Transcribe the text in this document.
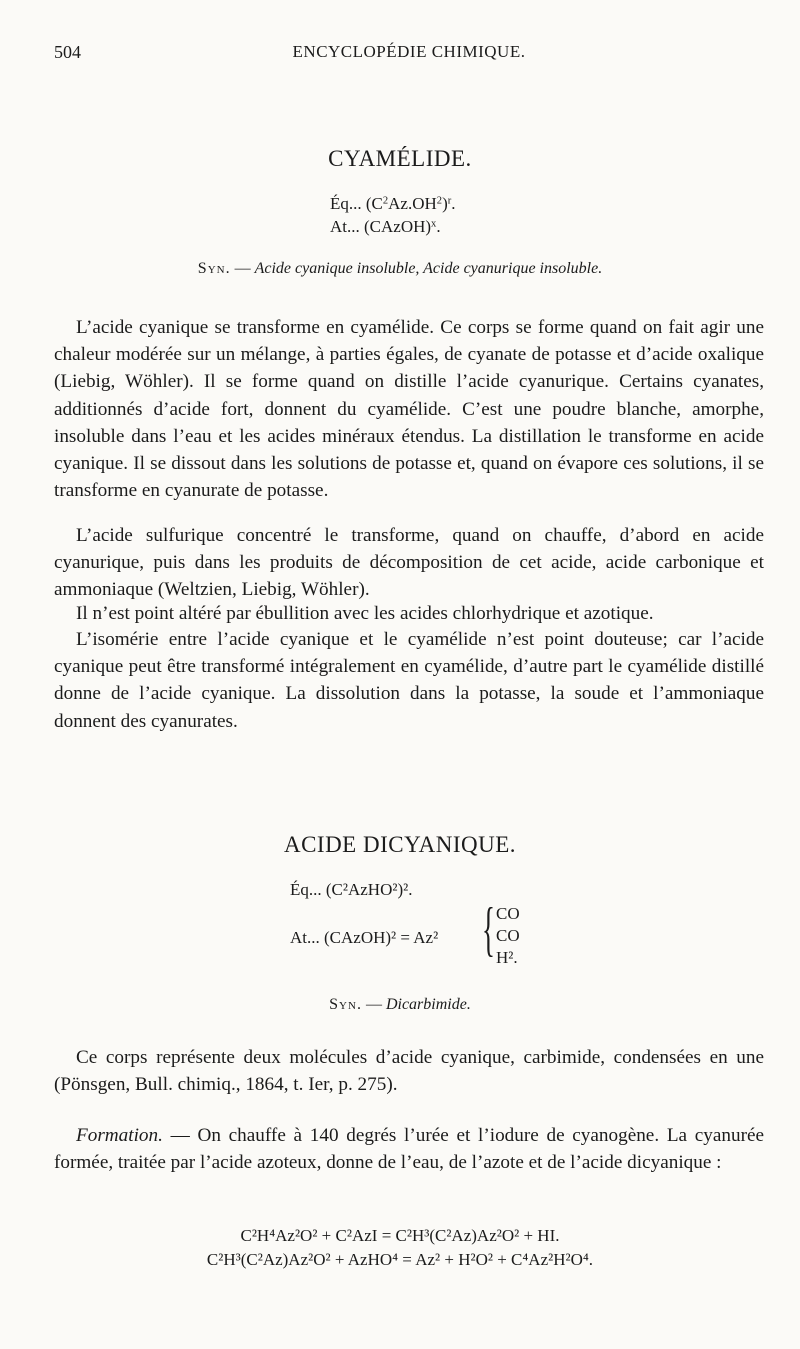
504	ENCYCLOPÉDIE CHIMIQUE.
CYAMÉLIDE.
Éq... $(C^2Az.OH^2)^r$.
At... (CAzOH)$^x$.
Syn. — Acide cyanique insoluble, Acide cyanurique insoluble.

L’acide cyanique se transforme en cyamélide. Ce corps se forme quand on fait agir une chaleur modérée sur un mélange, à parties égales, de cyanate de potasse et d’acide oxalique (Liebig, Wöhler). Il se forme quand on distille l’acide cyanurique. Certains cyanates, additionnés d’acide fort, donnent du cyamélide. C’est une poudre blanche, amorphe, insoluble dans l’eau et les acides minéraux étendus. La distillation le transforme en acide cyanique. Il se dissout dans les solutions de potasse et, quand on évapore ces solutions, il se transforme en cyanurate de potasse.

L’acide sulfurique concentré le transforme, quand on chauffe, d’abord en acide cyanurique, puis dans les produits de décomposition de cet acide, acide carbonique et ammoniaque (Weltzien, Liebig, Wöhler).

Il n’est point altéré par ébullition avec les acides chlorhydrique et azotique.

L’isomérie entre l’acide cyanique et le cyamélide n’est point douteuse; car l’acide cyanique peut être transformé intégralement en cyamélide, d’autre part le cyamélide distillé donne de l’acide cyanique. La dissolution dans la potasse, la soude et l’ammoniaque donnent des cyanurates.

ACIDE DICYANIQUE.
Éq... (C²AzHO²)².
At... (CAzOH)² = Az² { CO
CO
H².
Syn. — Dicarbimide.

Ce corps représente deux molécules d’acide cyanique, carbimide, condensées en une (Pönsgen, Bull. chimiq., 1864, t. Ier, p. 275).

Formation. — On chauffe à 140 degrés l’urée et l’iodure de cyanogène. La cyanurée formée, traitée par l’acide azoteux, donne de l’eau, de l’azote et de l’acide dicyanique :

C²H⁴Az²O² + C²AzI = C²H³(C²Az)Az²O² + HI.
C²H³(C²Az)Az²O² + AzHO⁴ = Az² + H²O² + C⁴Az²H²O⁴.
